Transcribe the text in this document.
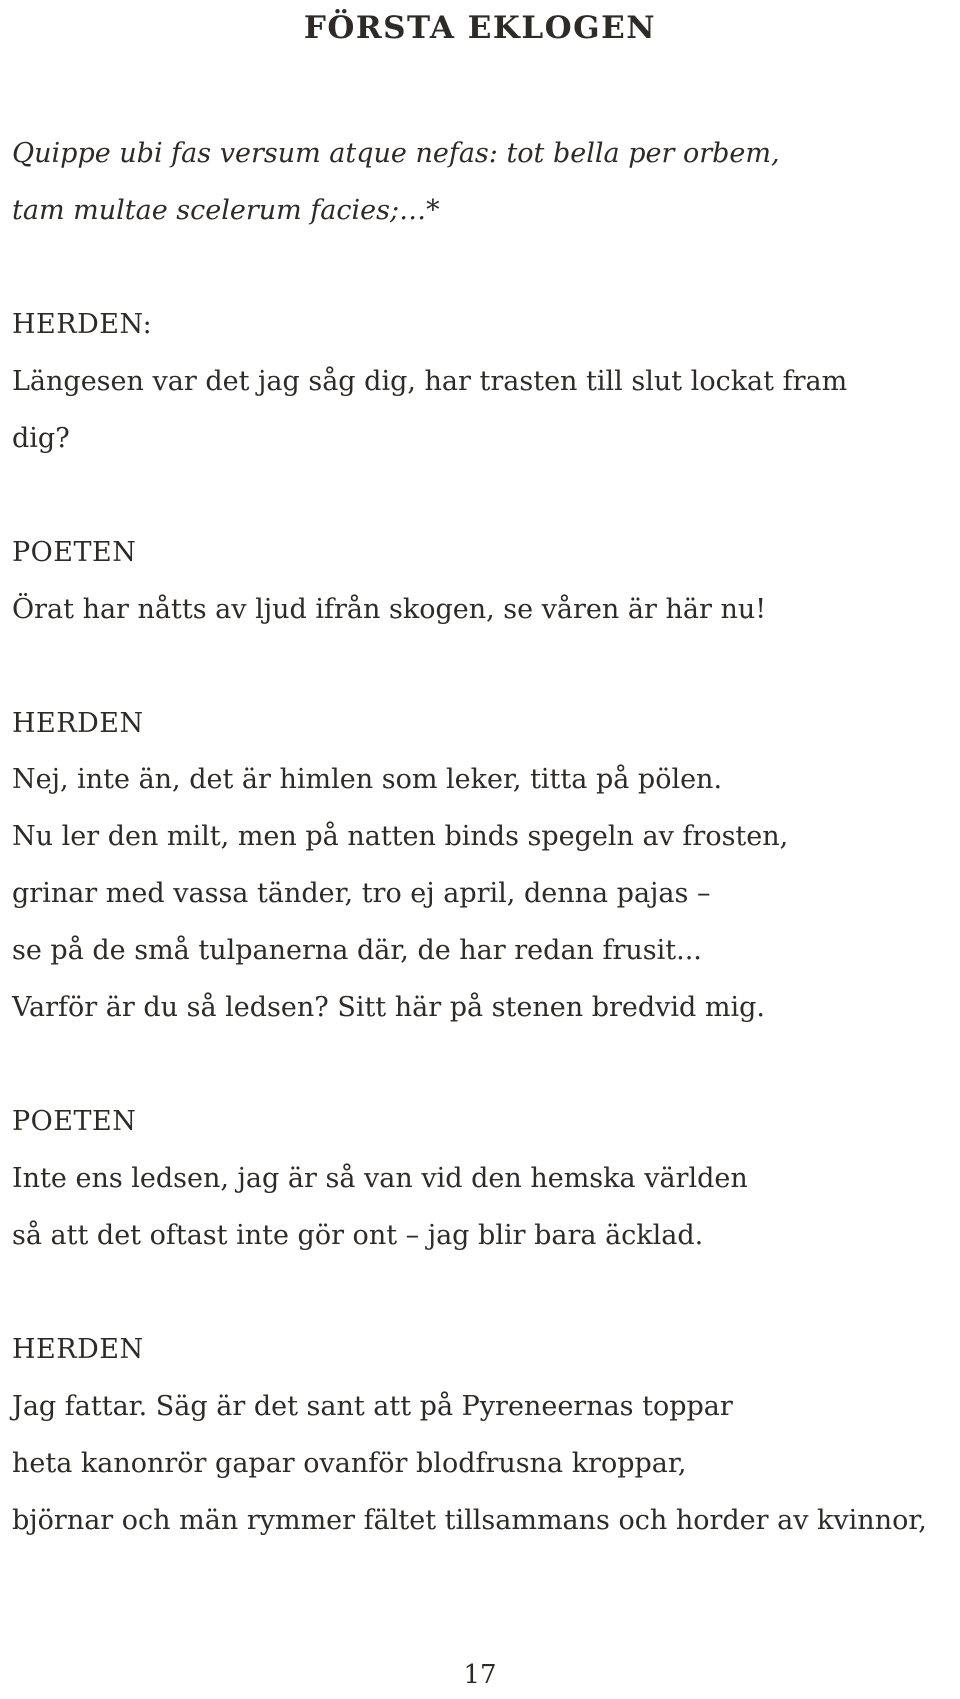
FÖRSTA EKLOGEN
Quippe ubi fas versum atque nefas: tot bella per orbem,
tam multae scelerum facies;…*
HERDEN:
Längesen var det jag såg dig, har trasten till slut lockat fram
dig?
POETEN
Örat har nåtts av ljud ifrån skogen, se våren är här nu!
HERDEN
Nej, inte än, det är himlen som leker, titta på pölen.
Nu ler den milt, men på natten binds spegeln av frosten,
grinar med vassa tänder, tro ej april, denna pajas –
se på de små tulpanerna där, de har redan frusit...
Varför är du så ledsen? Sitt här på stenen bredvid mig.
POETEN
Inte ens ledsen, jag är så van vid den hemska världen
så att det oftast inte gör ont – jag blir bara äcklad.
HERDEN
Jag fattar. Säg är det sant att på Pyreneernas toppar
heta kanonrör gapar ovanför blodfrusna kroppar,
björnar och män rymmer fältet tillsammans och horder av kvinnor,
17
